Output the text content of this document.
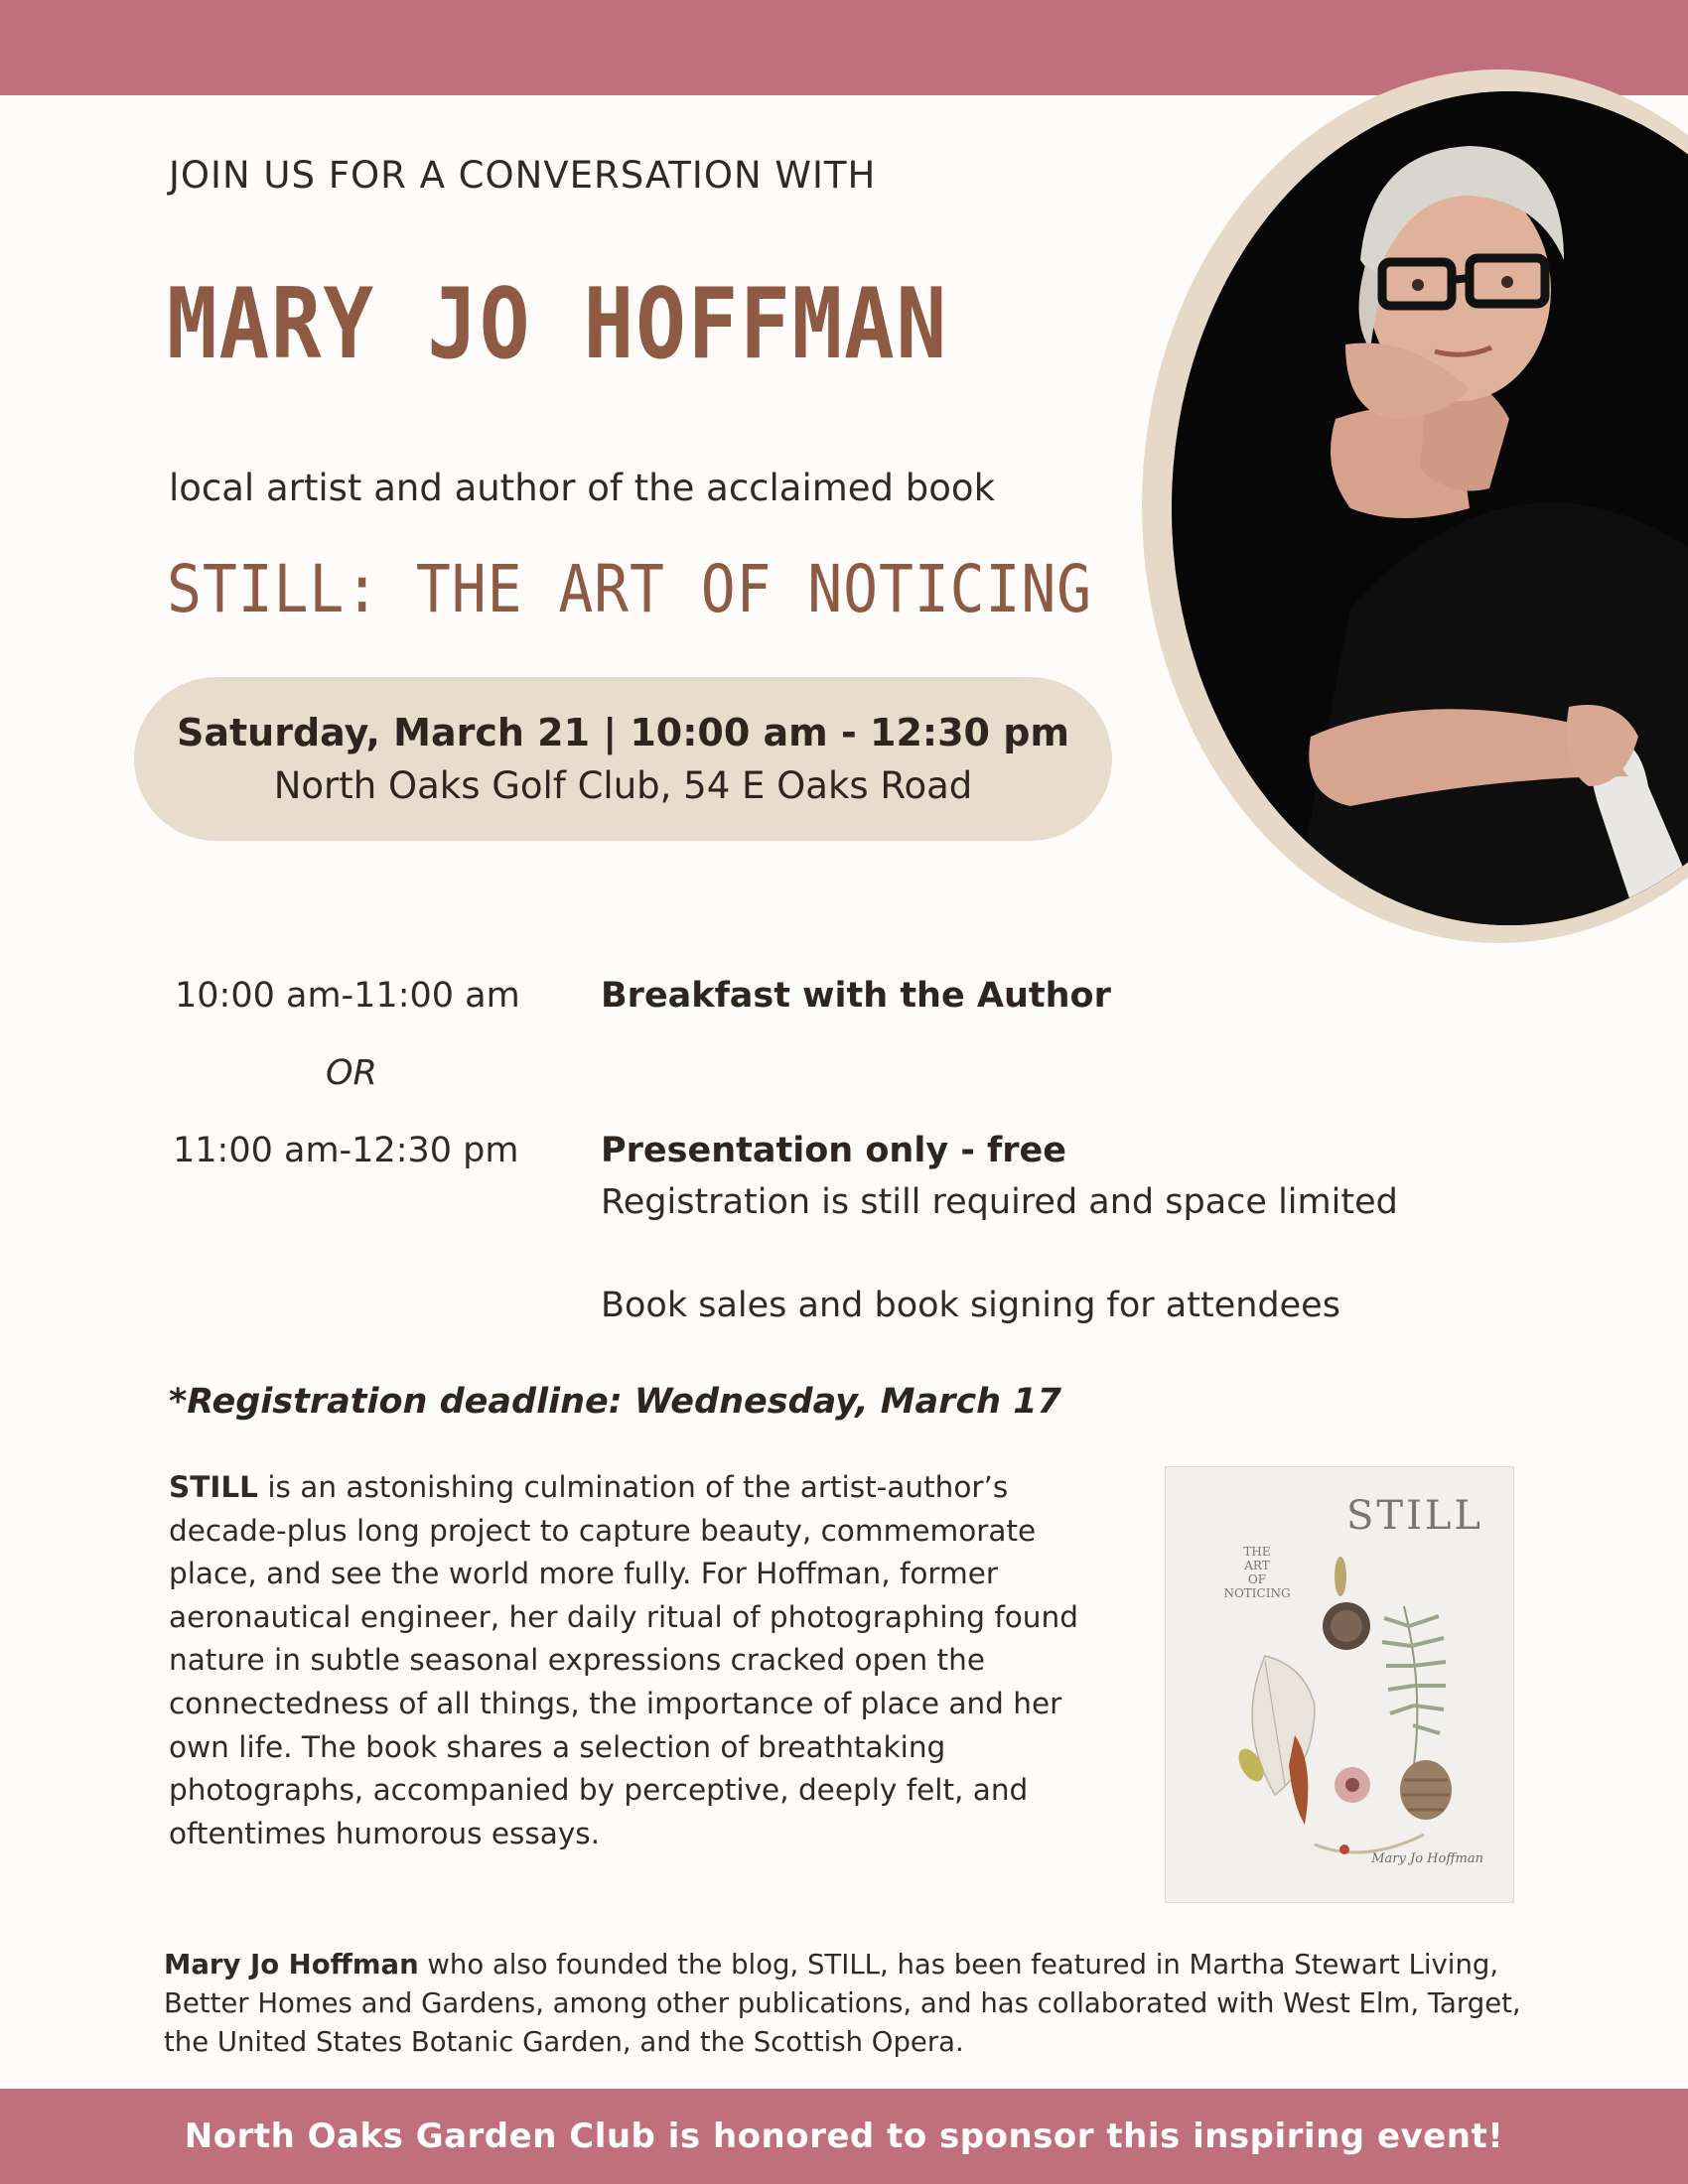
JOIN US FOR A CONVERSATION WITH
MARY JO HOFFMAN
local artist and author of the acclaimed book
STILL: THE ART OF NOTICING
Saturday, March 21 | 10:00 am - 12:30 pm
North Oaks Golf Club, 54 E Oaks Road
10:00 am-11:00 am Breakfast with the Author
OR
11:00 am-12:30 pm Presentation only - free
Registration is still required and space limited
Book sales and book signing for attendees
*Registration deadline: Wednesday, March 17
STILL is an astonishing culmination of the artist-author’s decade-plus long project to capture beauty, commemorate place, and see the world more fully. For Hoffman, former aeronautical engineer, her daily ritual of photographing found nature in subtle seasonal expressions cracked open the connectedness of all things, the importance of place and her own life. The book shares a selection of breathtaking photographs, accompanied by perceptive, deeply felt, and oftentimes humorous essays.
STILL
THE
ART
OF
NOTICING
Mary Jo Hoffman
Mary Jo Hoffman who also founded the blog, STILL, has been featured in Martha Stewart Living, Better Homes and Gardens, among other publications, and has collaborated with West Elm, Target, the United States Botanic Garden, and the Scottish Opera.
North Oaks Garden Club is honored to sponsor this inspiring event!
